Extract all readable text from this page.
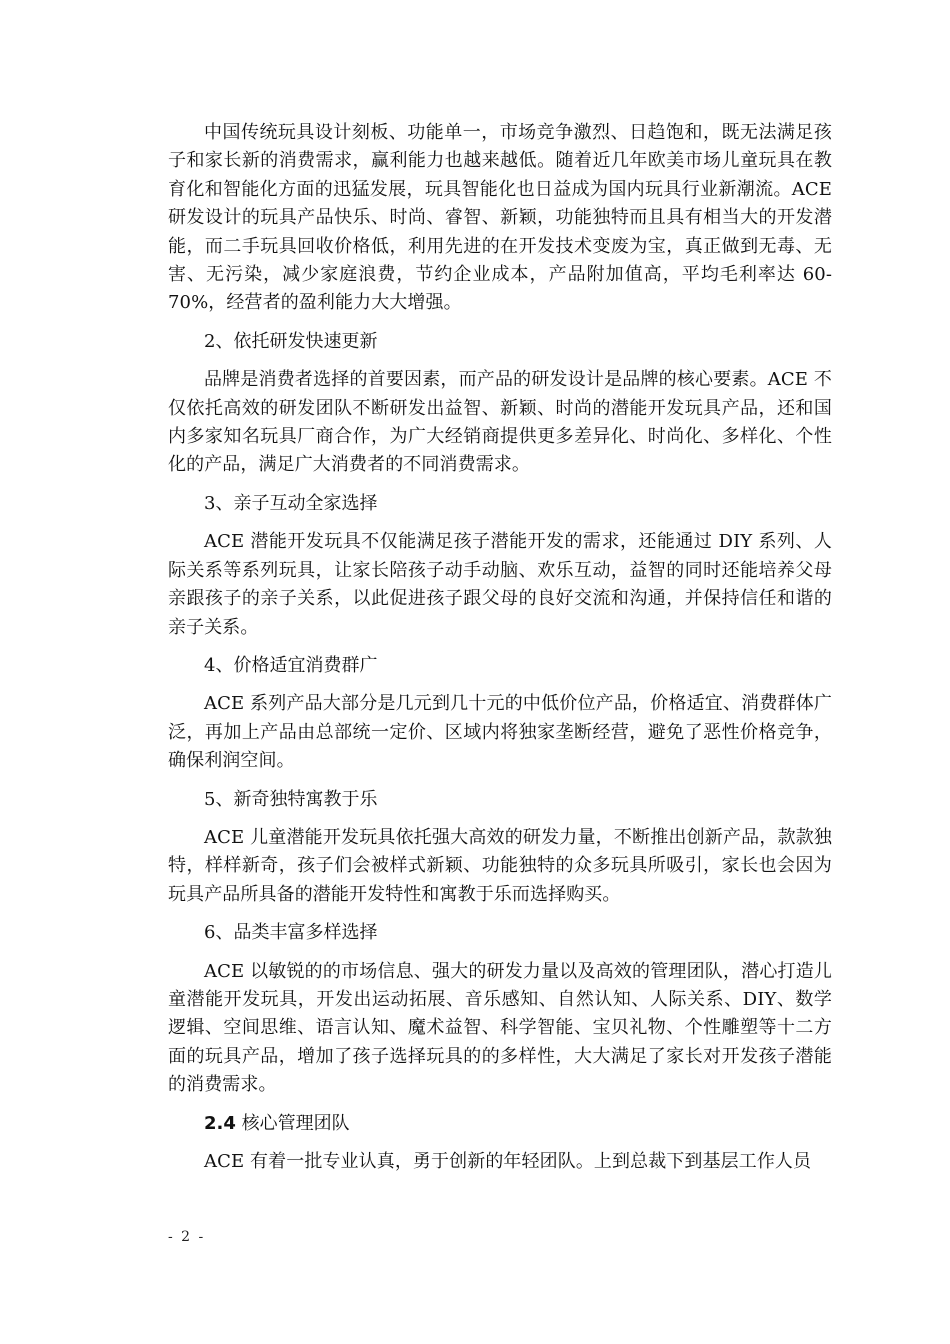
中国传统玩具设计刻板、功能单一，市场竞争激烈、日趋饱和，既无法满足孩子和家长新的消费需求，赢利能力也越来越低。随着近几年欧美市场儿童玩具在教育化和智能化方面的迅猛发展，玩具智能化也日益成为国内玩具行业新潮流。ACE 研发设计的玩具产品快乐、时尚、睿智、新颖，功能独特而且具有相当大的开发潜能，而二手玩具回收价格低，利用先进的在开发技术变废为宝，真正做到无毒、无害、无污染，减少家庭浪费，节约企业成本，产品附加值高，平均毛利率达 60-70%，经营者的盈利能力大大增强。

2、依托研发快速更新

品牌是消费者选择的首要因素，而产品的研发设计是品牌的核心要素。ACE 不仅依托高效的研发团队不断研发出益智、新颖、时尚的潜能开发玩具产品，还和国内多家知名玩具厂商合作，为广大经销商提供更多差异化、时尚化、多样化、个性化的产品，满足广大消费者的不同消费需求。

3、亲子互动全家选择

ACE 潜能开发玩具不仅能满足孩子潜能开发的需求，还能通过 DIY 系列、人际关系等系列玩具，让家长陪孩子动手动脑、欢乐互动，益智的同时还能培养父母亲跟孩子的亲子关系，以此促进孩子跟父母的良好交流和沟通，并保持信任和谐的亲子关系。

4、价格适宜消费群广

ACE 系列产品大部分是几元到几十元的中低价位产品，价格适宜、消费群体广泛，再加上产品由总部统一定价、区域内将独家垄断经营，避免了恶性价格竞争，确保利润空间。

5、新奇独特寓教于乐

ACE 儿童潜能开发玩具依托强大高效的研发力量，不断推出创新产品，款款独特，样样新奇，孩子们会被样式新颖、功能独特的众多玩具所吸引，家长也会因为玩具产品所具备的潜能开发特性和寓教于乐而选择购买。

6、品类丰富多样选择

ACE 以敏锐的的市场信息、强大的研发力量以及高效的管理团队，潜心打造儿童潜能开发玩具，开发出运动拓展、音乐感知、自然认知、人际关系、DIY、数学逻辑、空间思维、语言认知、魔术益智、科学智能、宝贝礼物、个性雕塑等十二方面的玩具产品，增加了孩子选择玩具的的多样性，大大满足了家长对开发孩子潜能的消费需求。

2.4 核心管理团队

ACE 有着一批专业认真，勇于创新的年轻团队。上到总裁下到基层工作人员

- 2 -
